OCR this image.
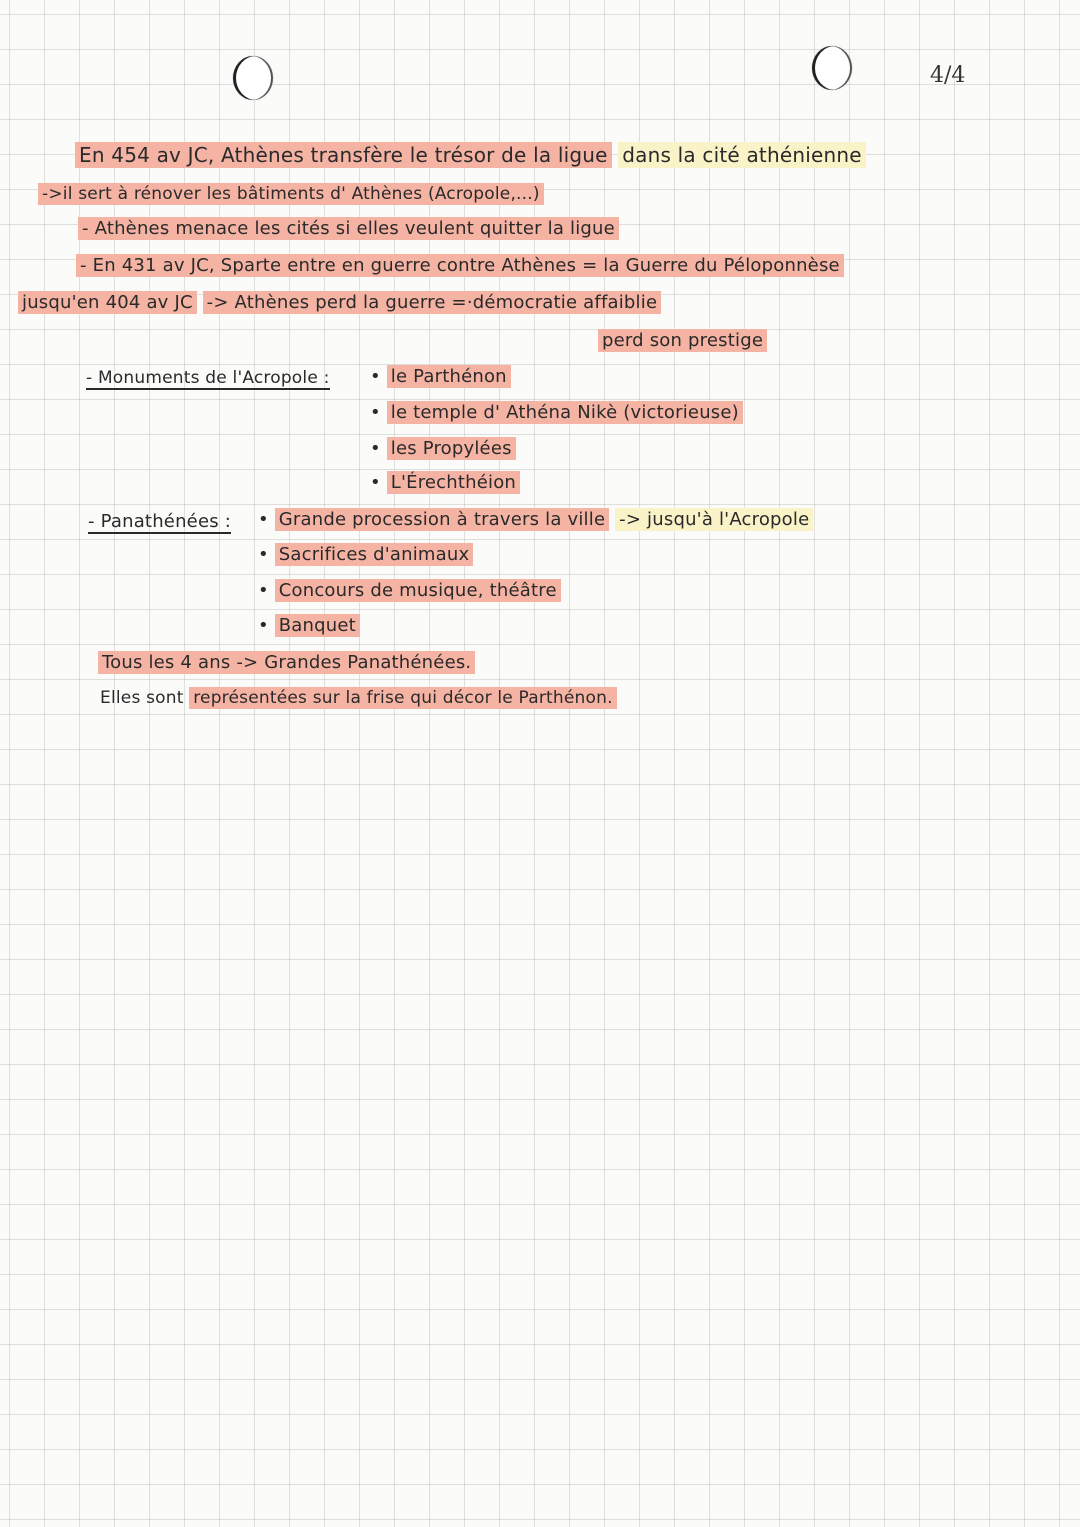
4/4
En 454 av JC, Athènes transfère le trésor de la ligue dans la cité athénienne
->il sert à rénover les bâtiments d' Athènes (Acropole,...)
- Athènes menace les cités si elles veulent quitter la ligue
- En 431 av JC, Sparte entre en guerre contre Athènes = la Guerre du Péloponnèse
jusqu'en 404 av JC -> Athènes perd la guerre =·démocratie affaiblie
perd son prestige
- Monuments de l'Acropole :	• le Parthénon
• le temple d' Athéna Nikè (victorieuse)
• les Propylées
• L'Érechthéion
- Panathénées :	• Grande procession à travers la ville -> jusqu'à l'Acropole
• Sacrifices d'animaux
• Concours de musique, théâtre
• Banquet
Tous les 4 ans -> Grandes Panathénées.
Elles sont représentées sur la frise qui décor le Parthénon.
